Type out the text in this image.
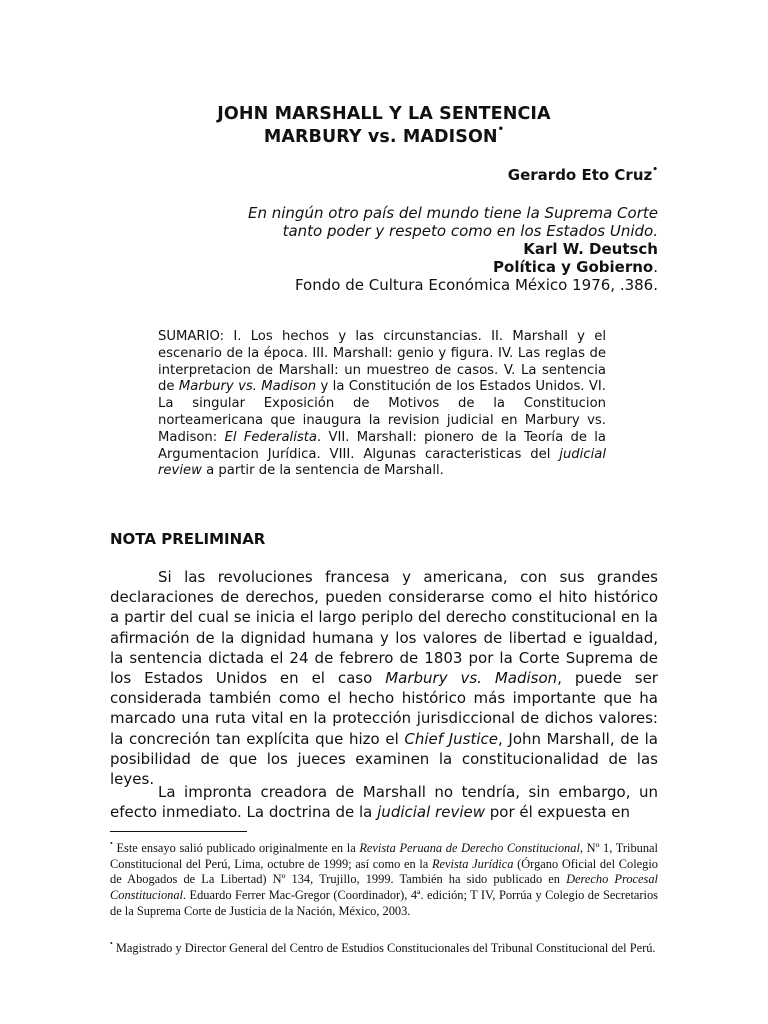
JOHN MARSHALL Y LA SENTENCIA
MARBURY vs. MADISON•
Gerardo Eto Cruz•
En ningún otro país del mundo tiene la Suprema Corte
tanto poder y respeto como en los Estados Unido.
Karl W. Deutsch
Política y Gobierno.
Fondo de Cultura Económica México 1976, .386.
SUMARIO: I. Los hechos y las circunstancias. II. Marshall y el escenario de la época. III. Marshall: genio y figura. IV. Las reglas de interpretacion de Marshall: un muestreo de casos. V. La sentencia de Marbury vs. Madison y la Constitución de los Estados Unidos. VI. La singular Exposición de Motivos de la Constitucion norteamericana que inaugura la revision judicial en Marbury vs. Madison: El Federalista. VII. Marshall: pionero de la Teoría de la Argumentacion Jurídica. VIII. Algunas caracteristicas del judicial review a partir de la sentencia de Marshall.
NOTA PRELIMINAR
Si las revoluciones francesa y americana, con sus grandes declaraciones de derechos, pueden considerarse como el hito histórico a partir del cual se inicia el largo periplo del derecho constitucional en la afirmación de la dignidad humana y los valores de libertad e igualdad, la sentencia dictada el 24 de febrero de 1803 por la Corte Suprema de los Estados Unidos en el caso Marbury vs. Madison, puede ser considerada también como el hecho histórico más importante que ha marcado una ruta vital en la protección jurisdiccional de dichos valores: la concreción tan explícita que hizo el Chief Justice, John Marshall, de la posibilidad de que los jueces examinen la constitucionalidad de las leyes.
La impronta creadora de Marshall no tendría, sin embargo, un efecto inmediato. La doctrina de la judicial review por él expuesta en
• Este ensayo salió publicado originalmente en la Revista Peruana de Derecho Constitucional, Nº 1, Tribunal Constitucional del Perú, Lima, octubre de 1999; así como en la Revista Jurídica (Órgano Oficial del Colegio de Abogados de La Libertad) Nº 134, Trujillo, 1999. También ha sido publicado en Derecho Procesal Constitucional. Eduardo Ferrer Mac-Gregor (Coordinador), 4ª. edición; T IV, Porrúa y Colegio de Secretarios de la Suprema Corte de Justicia de la Nación, México, 2003.
• Magistrado y Director General del Centro de Estudios Constitucionales del Tribunal Constitucional del Perú.
